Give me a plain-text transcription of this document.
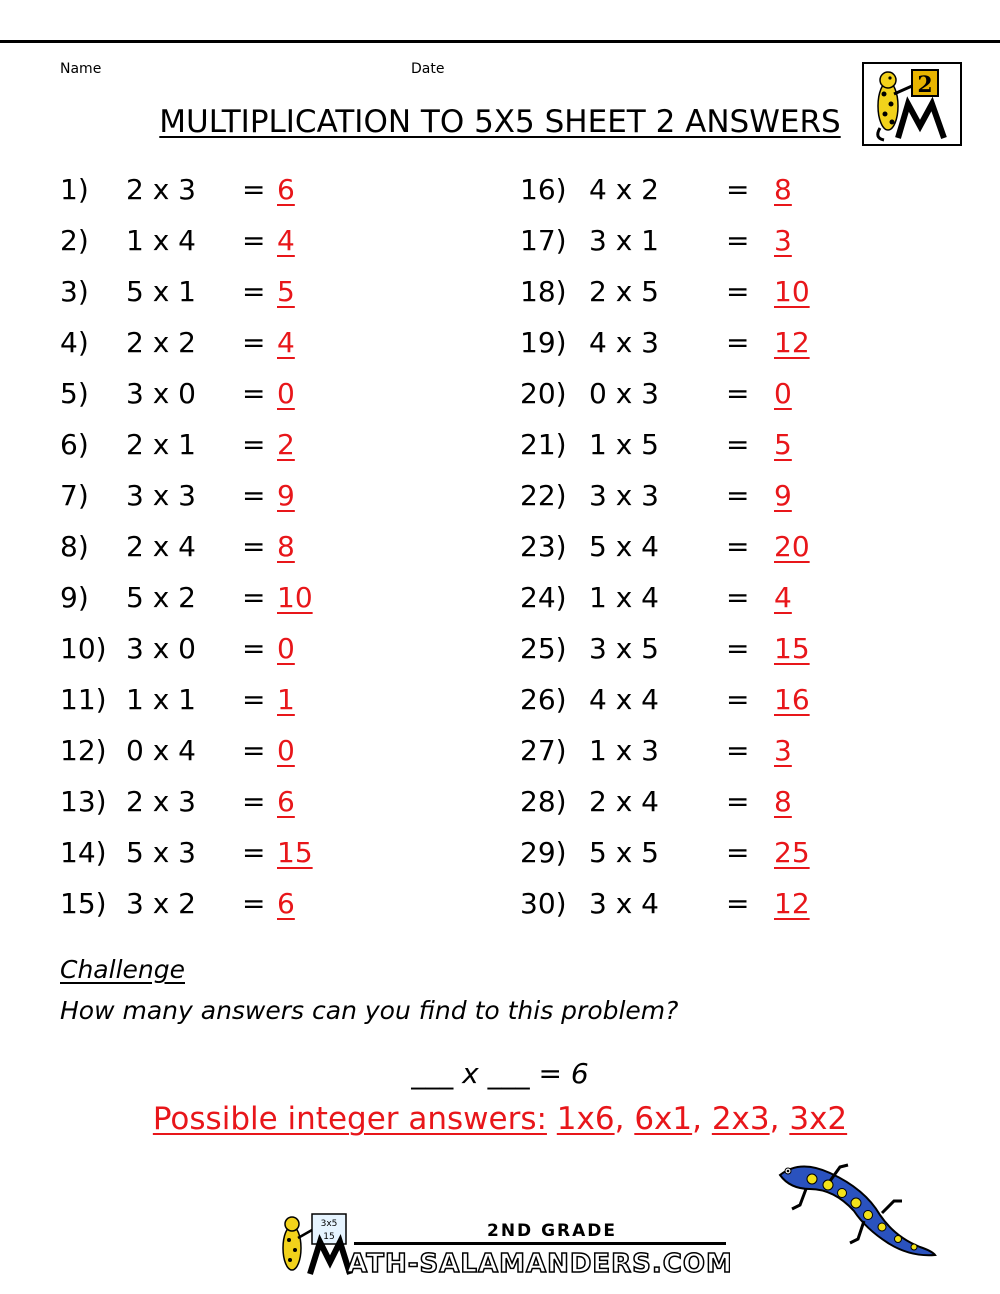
Name	Date
MULTIPLICATION TO 5X5 SHEET 2 ANSWERS
2
1) 2 x 3 = 6
2) 1 x 4 = 4
3) 5 x 1 = 5
4) 2 x 2 = 4
5) 3 x 0 = 0
6) 2 x 1 = 2
7) 3 x 3 = 9
8) 2 x 4 = 8
9) 5 x 2 = 10
10) 3 x 0 = 0
11) 1 x 1 = 1
12) 0 x 4 = 0
13) 2 x 3 = 6
14) 5 x 3 = 15
15) 3 x 2 = 6
16) 4 x 2 = 8
17) 3 x 1 = 3
18) 2 x 5 = 10
19) 4 x 3 = 12
20) 0 x 3 = 0
21) 1 x 5 = 5
22) 3 x 3 = 9
23) 5 x 4 = 20
24) 1 x 4 = 4
25) 3 x 5 = 15
26) 4 x 4 = 16
27) 1 x 3 = 3
28) 2 x 4 = 8
29) 5 x 5 = 25
30) 3 x 4 = 12
Challenge
How many answers can you find to this problem?
___ x ___ = 6
Possible integer answers: 1x6, 6x1, 2x3, 3x2
3x5
15	2ND GRADE
ATH-SALAMANDERS.COM
